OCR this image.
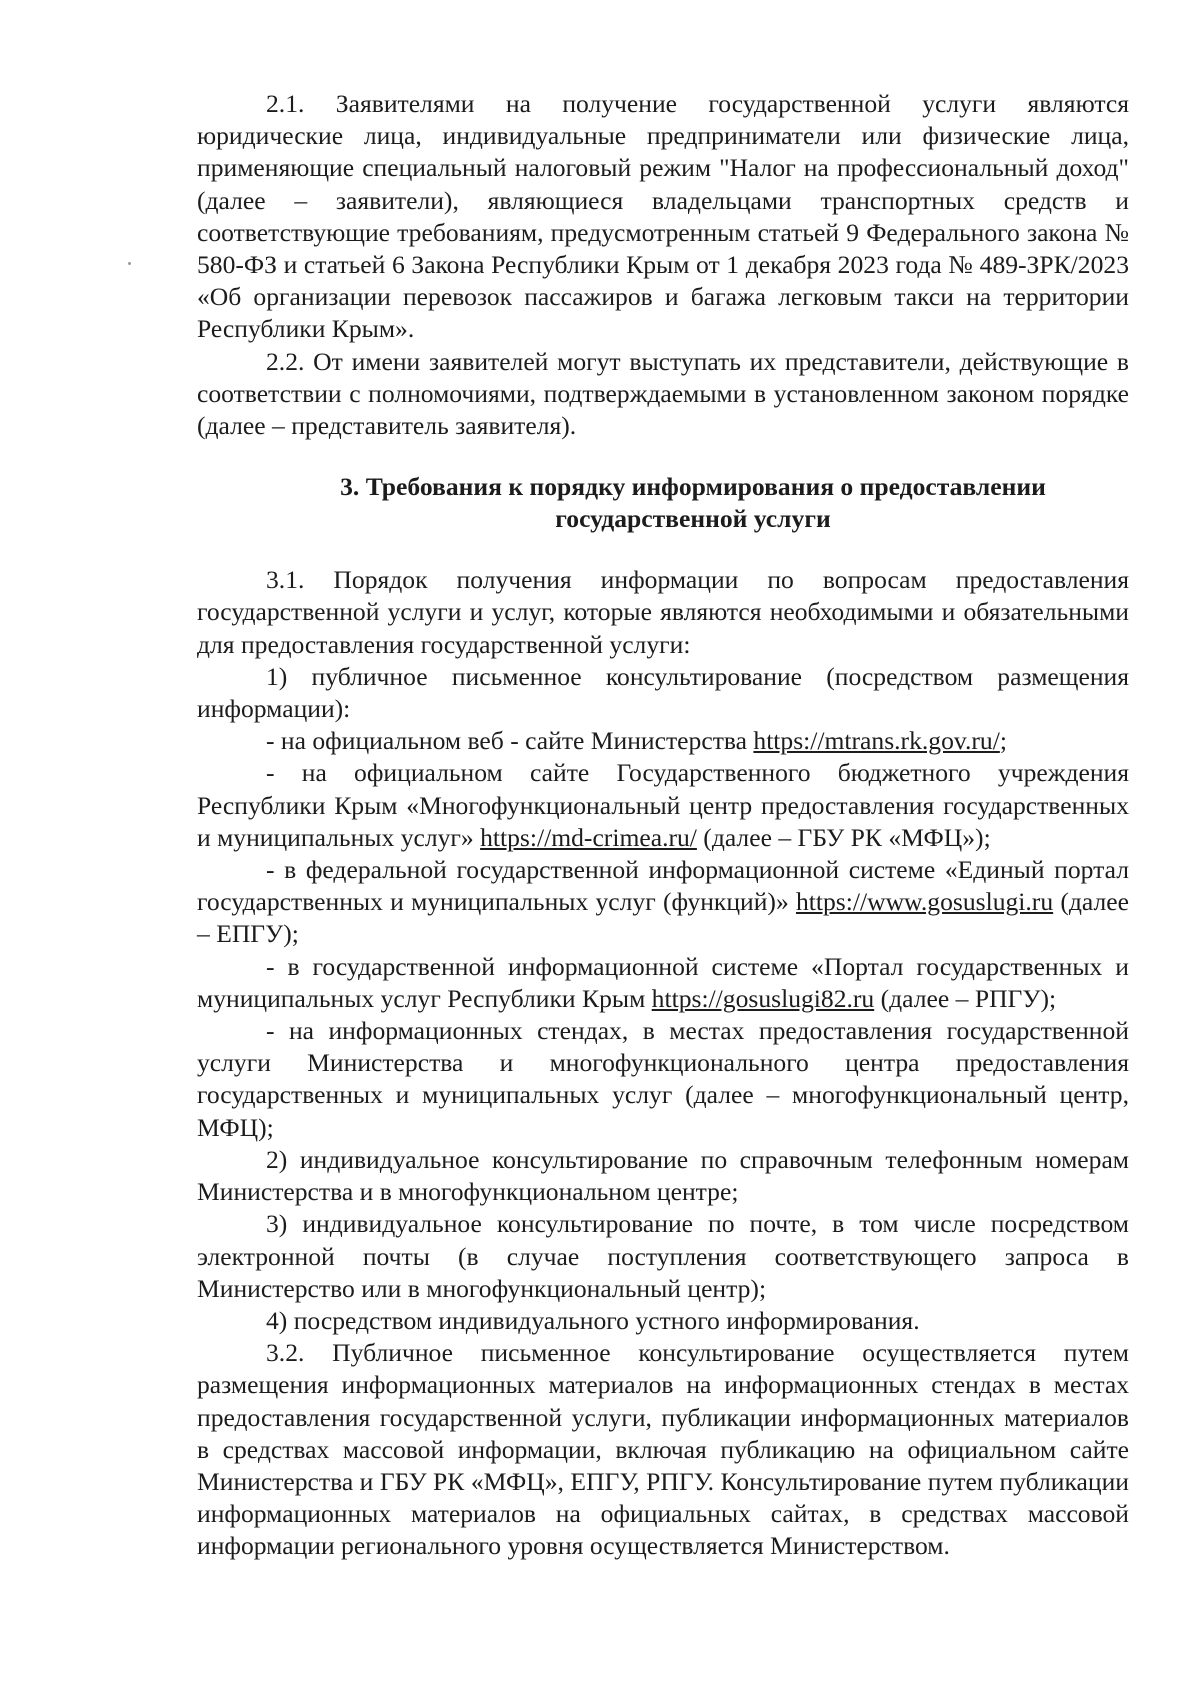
2.1. Заявителями на получение государственной услуги являются юридические лица, индивидуальные предприниматели или физические лица, применяющие специальный налоговый режим "Налог на профессиональный доход" (далее – заявители), являющиеся владельцами транспортных средств и соответствующие требованиям, предусмотренным статьей 9 Федерального закона № 580-ФЗ и статьей 6 Закона Республики Крым от 1 декабря 2023 года № 489-ЗРК/2023 «Об организации перевозок пассажиров и багажа легковым такси на территории Республики Крым».

2.2. От имени заявителей могут выступать их представители, действующие в соответствии с полномочиями, подтверждаемыми в установленном законом порядке (далее – представитель заявителя).

3. Требования к порядку информирования о предоставлении
государственной услуги

3.1. Порядок получения информации по вопросам предоставления государственной услуги и услуг, которые являются необходимыми и обязательными для предоставления государственной услуги:

1) публичное письменное консультирование (посредством размещения информации):

- на официальном веб - сайте Министерства https://mtrans.rk.gov.ru/;

- на официальном сайте Государственного бюджетного учреждения Республики Крым «Многофункциональный центр предоставления государственных и муниципальных услуг» https://md-crimea.ru/ (далее – ГБУ РК «МФЦ»);

- в федеральной государственной информационной системе «Единый портал государственных и муниципальных услуг (функций)» https://www.gosuslugi.ru (далее – ЕПГУ);

- в государственной информационной системе «Портал государственных и муниципальных услуг Республики Крым https://gosuslugi82.ru (далее – РПГУ);

- на информационных стендах, в местах предоставления государственной услуги Министерства и многофункционального центра предоставления государственных и муниципальных услуг (далее – многофункциональный центр, МФЦ);

2) индивидуальное консультирование по справочным телефонным номерам Министерства и в многофункциональном центре;

3) индивидуальное консультирование по почте, в том числе посредством электронной почты (в случае поступления соответствующего запроса в Министерство или в многофункциональный центр);

4) посредством индивидуального устного информирования.

3.2. Публичное письменное консультирование осуществляется путем размещения информационных материалов на информационных стендах в местах предоставления государственной услуги, публикации информационных материалов в средствах массовой информации, включая публикацию на официальном сайте Министерства и ГБУ РК «МФЦ», ЕПГУ, РПГУ. Консультирование путем публикации информационных материалов на официальных сайтах, в средствах массовой информации регионального уровня осуществляется Министерством.
